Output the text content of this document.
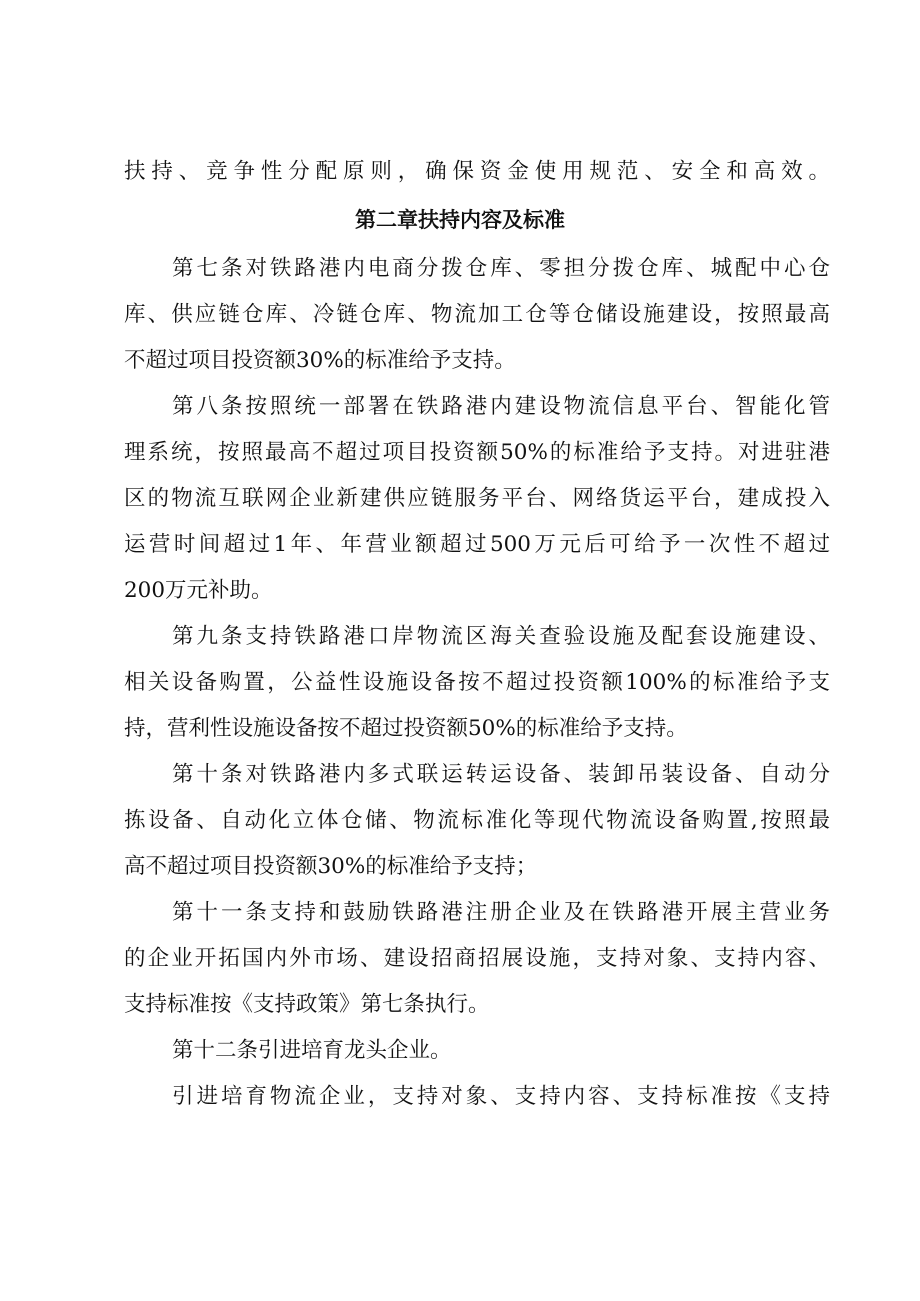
扶持、竞争性分配原则，确保资金使用规范、安全和高效。
第二章扶持内容及标准
第七条对铁路港内电商分拨仓库、零担分拨仓库、城配中心仓
库、供应链仓库、冷链仓库、物流加工仓等仓储设施建设，按照最高
不超过项目投资额30%的标准给予支持。
第八条按照统一部署在铁路港内建设物流信息平台、智能化管
理系统，按照最高不超过项目投资额50%的标准给予支持。对进驻港
区的物流互联网企业新建供应链服务平台、网络货运平台，建成投入
运营时间超过1年、年营业额超过500万元后可给予一次性不超过
200万元补助。
第九条支持铁路港口岸物流区海关查验设施及配套设施建设、
相关设备购置，公益性设施设备按不超过投资额100%的标准给予支
持，营利性设施设备按不超过投资额50%的标准给予支持。
第十条对铁路港内多式联运转运设备、装卸吊装设备、自动分
拣设备、自动化立体仓储、物流标准化等现代物流设备购置,按照最
高不超过项目投资额30%的标准给予支持；
第十一条支持和鼓励铁路港注册企业及在铁路港开展主营业务
的企业开拓国内外市场、建设招商招展设施，支持对象、支持内容、
支持标准按《支持政策》第七条执行。
第十二条引进培育龙头企业。
引进培育物流企业，支持对象、支持内容、支持标准按《支持
